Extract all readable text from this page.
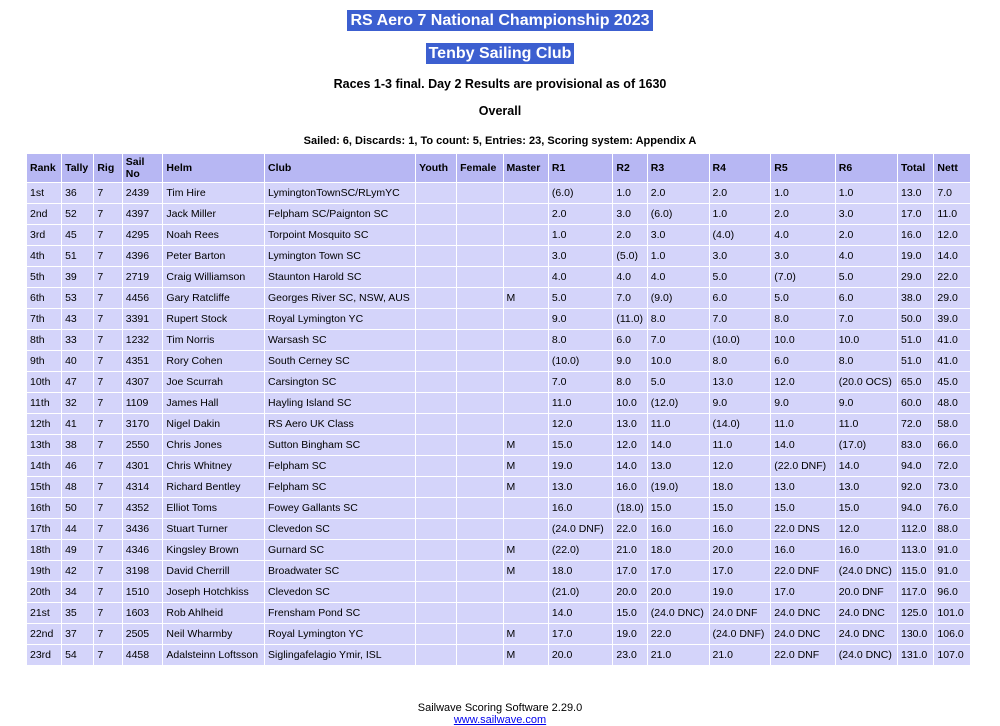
RS Aero 7 National Championship 2023
Tenby Sailing Club
Races 1-3 final. Day 2 Results are provisional as of 1630
Overall
Sailed: 6, Discards: 1, To count: 5, Entries: 23, Scoring system: Appendix A
Rank	Tally	Rig	Sail No	Helm	Club	Youth	Female	Master	R1	R2	R3	R4	R5	R6	Total	Nett
1st	36	7	2439	Tim Hire	LymingtonTownSC/RLymYC				(6.0)	1.0	2.0	2.0	1.0	1.0	13.0	7.0
2nd	52	7	4397	Jack Miller	Felpham SC/Paignton SC				2.0	3.0	(6.0)	1.0	2.0	3.0	17.0	11.0
3rd	45	7	4295	Noah Rees	Torpoint Mosquito SC				1.0	2.0	3.0	(4.0)	4.0	2.0	16.0	12.0
4th	51	7	4396	Peter Barton	Lymington Town SC				3.0	(5.0)	1.0	3.0	3.0	4.0	19.0	14.0
5th	39	7	2719	Craig Williamson	Staunton Harold SC				4.0	4.0	4.0	5.0	(7.0)	5.0	29.0	22.0
6th	53	7	4456	Gary Ratcliffe	Georges River SC, NSW, AUS			M	5.0	7.0	(9.0)	6.0	5.0	6.0	38.0	29.0
7th	43	7	3391	Rupert Stock	Royal Lymington YC				9.0	(11.0)	8.0	7.0	8.0	7.0	50.0	39.0
8th	33	7	1232	Tim Norris	Warsash SC				8.0	6.0	7.0	(10.0)	10.0	10.0	51.0	41.0
9th	40	7	4351	Rory Cohen	South Cerney SC				(10.0)	9.0	10.0	8.0	6.0	8.0	51.0	41.0
10th	47	7	4307	Joe Scurrah	Carsington SC				7.0	8.0	5.0	13.0	12.0	(20.0 OCS)	65.0	45.0
11th	32	7	1109	James Hall	Hayling Island SC				11.0	10.0	(12.0)	9.0	9.0	9.0	60.0	48.0
12th	41	7	3170	Nigel Dakin	RS Aero UK Class				12.0	13.0	11.0	(14.0)	11.0	11.0	72.0	58.0
13th	38	7	2550	Chris Jones	Sutton Bingham SC			M	15.0	12.0	14.0	11.0	14.0	(17.0)	83.0	66.0
14th	46	7	4301	Chris Whitney	Felpham SC			M	19.0	14.0	13.0	12.0	(22.0 DNF)	14.0	94.0	72.0
15th	48	7	4314	Richard Bentley	Felpham SC			M	13.0	16.0	(19.0)	18.0	13.0	13.0	92.0	73.0
16th	50	7	4352	Elliot Toms	Fowey Gallants SC				16.0	(18.0)	15.0	15.0	15.0	15.0	94.0	76.0
17th	44	7	3436	Stuart Turner	Clevedon SC				(24.0 DNF)	22.0	16.0	16.0	22.0 DNS	12.0	112.0	88.0
18th	49	7	4346	Kingsley Brown	Gurnard SC			M	(22.0)	21.0	18.0	20.0	16.0	16.0	113.0	91.0
19th	42	7	3198	David Cherrill	Broadwater SC			M	18.0	17.0	17.0	17.0	22.0 DNF	(24.0 DNC)	115.0	91.0
20th	34	7	1510	Joseph Hotchkiss	Clevedon SC				(21.0)	20.0	20.0	19.0	17.0	20.0 DNF	117.0	96.0
21st	35	7	1603	Rob Ahlheid	Frensham Pond SC				14.0	15.0	(24.0 DNC)	24.0 DNF	24.0 DNC	24.0 DNC	125.0	101.0
22nd	37	7	2505	Neil Wharmby	Royal Lymington YC			M	17.0	19.0	22.0	(24.0 DNF)	24.0 DNC	24.0 DNC	130.0	106.0
23rd	54	7	4458	Adalsteinn Loftsson	Siglingafelagio Ymir, ISL			M	20.0	23.0	21.0	21.0	22.0 DNF	(24.0 DNC)	131.0	107.0
Sailwave Scoring Software 2.29.0
www.sailwave.com
